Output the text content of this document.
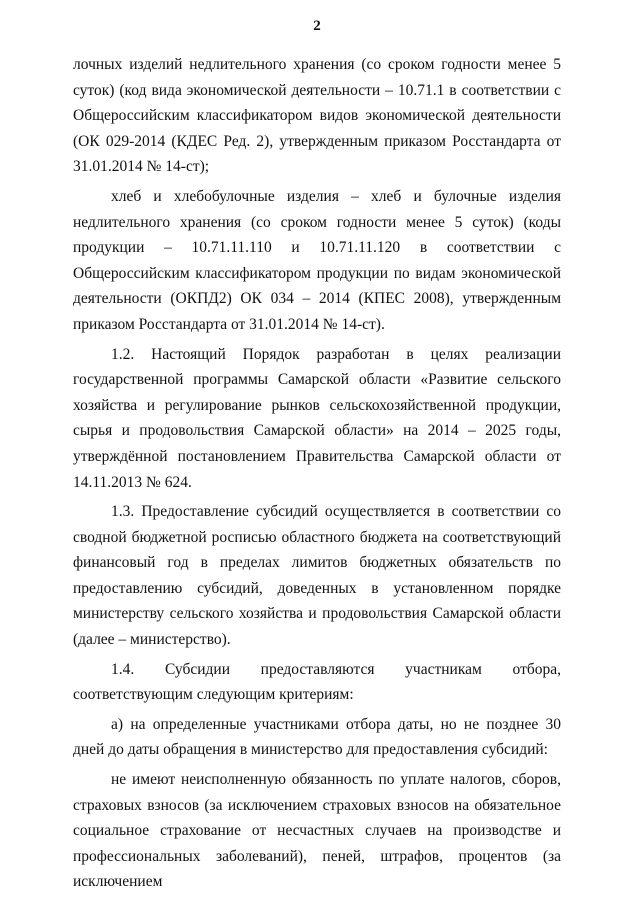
2

лочных изделий недлительного хранения (со сроком годности менее 5 суток) (код вида экономической деятельности – 10.71.1 в соответствии с Общероссийским классификатором видов экономической деятельности (ОК 029-2014 (КДЕС Ред. 2), утвержденным приказом Росстандарта от 31.01.2014 № 14-ст);

хлеб и хлебобулочные изделия – хлеб и булочные изделия недлительного хранения (со сроком годности менее 5 суток) (коды продукции – 10.71.11.110 и 10.71.11.120 в соответствии с Общероссийским классификатором продукции по видам экономической деятельности (ОКПД2) ОК 034 – 2014 (КПЕС 2008), утвержденным приказом Росстандарта от 31.01.2014 № 14-ст).

1.2. Настоящий Порядок разработан в целях реализации государственной программы Самарской области «Развитие сельского хозяйства и регулирование рынков сельскохозяйственной продукции, сырья и продовольствия Самарской области» на 2014 – 2025 годы, утверждённой постановлением Правительства Самарской области от 14.11.2013 № 624.

1.3. Предоставление субсидий осуществляется в соответствии со сводной бюджетной росписью областного бюджета на соответствующий финансовый год в пределах лимитов бюджетных обязательств по предоставлению субсидий, доведенных в установленном порядке министерству сельского хозяйства и продовольствия Самарской области (далее – министерство).

1.4. Субсидии предоставляются участникам отбора, соответствующим следующим критериям:

а) на определенные участниками отбора даты, но не позднее 30 дней до даты обращения в министерство для предоставления субсидий:

не имеют неисполненную обязанность по уплате налогов, сборов, страховых взносов (за исключением страховых взносов на обязательное социальное страхование от несчастных случаев на производстве и профессиональных заболеваний), пеней, штрафов, процентов (за исключением
